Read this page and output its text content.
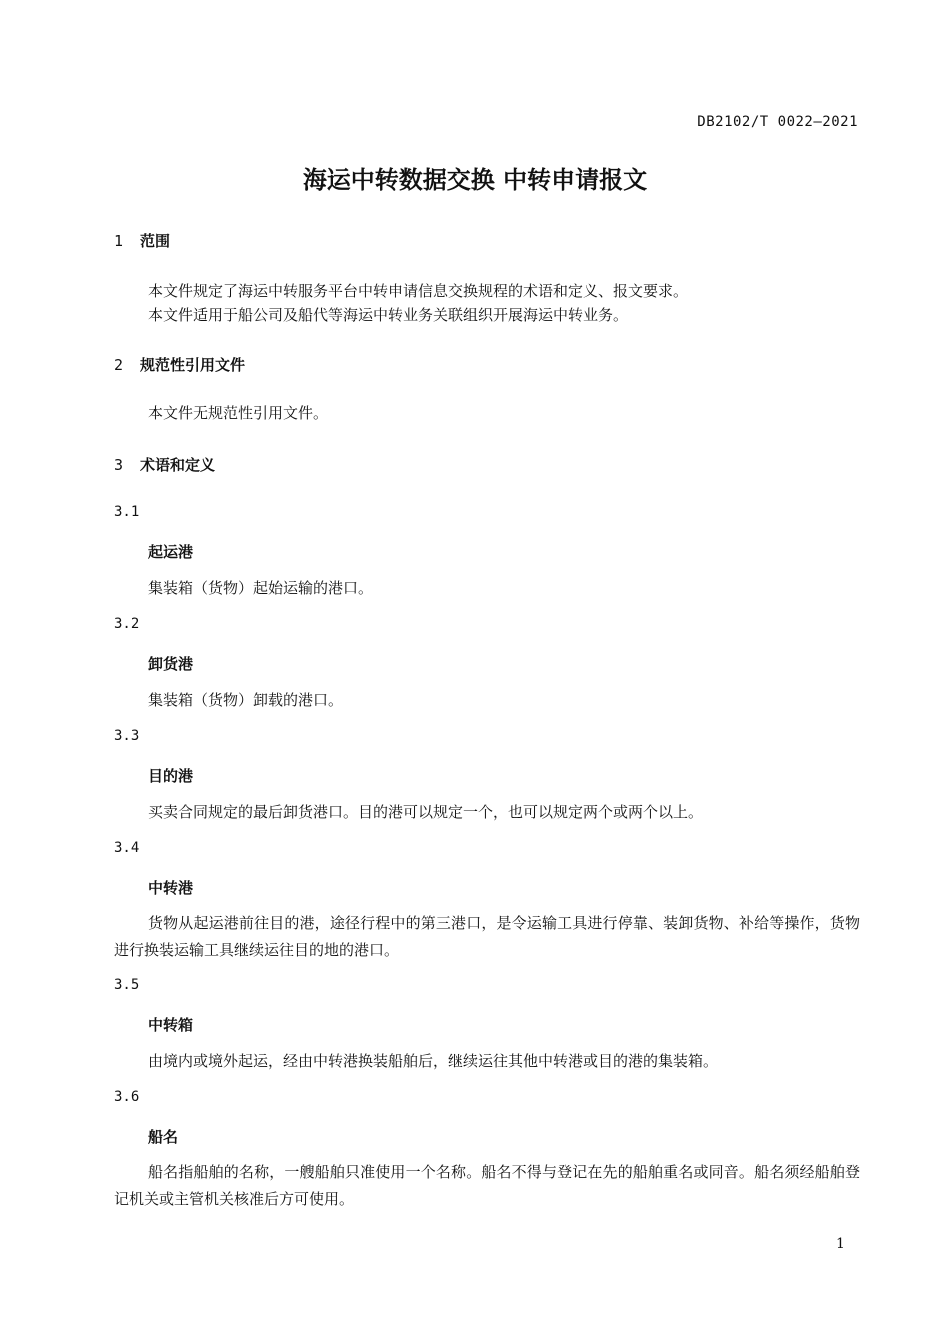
DB2102/T 0022—2021
海运中转数据交换 中转申请报文
1 范围
本文件规定了海运中转服务平台中转申请信息交换规程的术语和定义、报文要求。
本文件适用于船公司及船代等海运中转业务关联组织开展海运中转业务。
2 规范性引用文件
本文件无规范性引用文件。
3 术语和定义
3.1
起运港
集装箱（货物）起始运输的港口。
3.2
卸货港
集装箱（货物）卸载的港口。
3.3
目的港
买卖合同规定的最后卸货港口。目的港可以规定一个，也可以规定两个或两个以上。
3.4
中转港
货物从起运港前往目的港，途径行程中的第三港口，是令运输工具进行停靠、装卸货物、补给等操作，货物进行换装运输工具继续运往目的地的港口。
3.5
中转箱
由境内或境外起运，经由中转港换装船舶后，继续运往其他中转港或目的港的集装箱。
3.6
船名
船名指船舶的名称，一艘船舶只准使用一个名称。船名不得与登记在先的船舶重名或同音。船名须经船舶登记机关或主管机关核准后方可使用。
1
